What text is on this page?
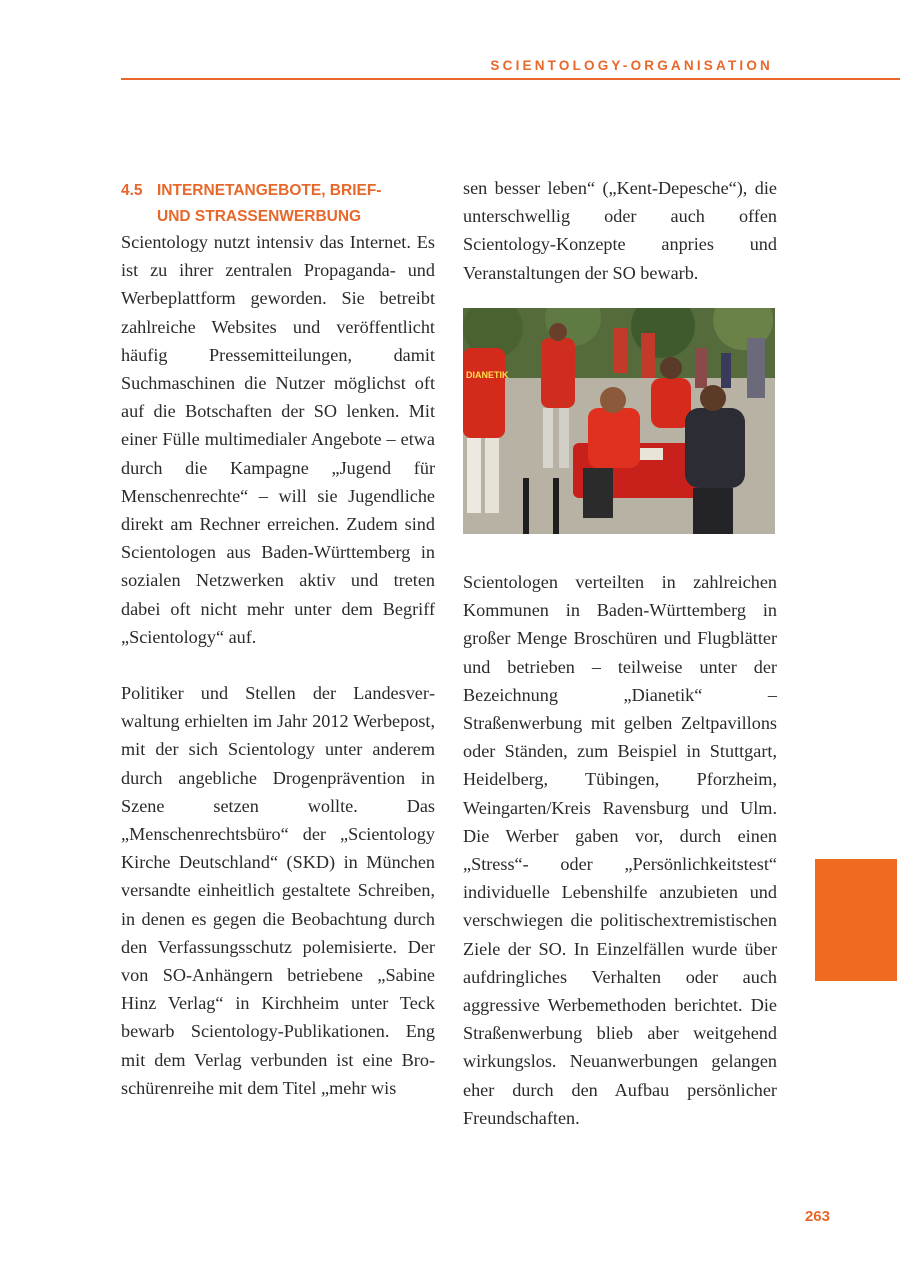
SCIENTOLOGY-ORGANISATION
4.5 INTERNETANGEBOTE, BRIEF-
UND STRASSENWERBUNG

Scientology nutzt intensiv das Internet. Es ist zu ihrer zentralen Propaganda- und Werbeplattform geworden. Sie betreibt zahlreiche Websites und veröffentlicht häufig Pressemitteilungen, damit Suchmaschinen die Nutzer möglichst oft auf die Botschaften der SO lenken. Mit einer Fülle multimedialer Angebote – etwa durch die Kampagne „Jugend für Menschenrechte“ – will sie Jugendliche direkt am Rechner erreichen. Zudem sind Scientologen aus Baden-Württemberg in sozialen Netzwerken aktiv und treten dabei oft nicht mehr unter dem Begriff „Scientology“ auf.

Politiker und Stellen der Landesverwaltung erhielten im Jahr 2012 Werbepost, mit der sich Scientology unter anderem durch angebliche Drogenprävention in Szene setzen wollte. Das „Menschenrechtsbüro“ der „Scientology Kirche Deutschland“ (SKD) in München versandte einheitlich gestaltete Schreiben, in denen es gegen die Beobachtung durch den Verfassungsschutz polemisierte. Der von SO-Anhängern betriebene „Sabine Hinz Verlag“ in Kirchheim unter Teck bewarb Scientology-Publikationen. Eng mit dem Verlag verbunden ist eine Broschürenreihe mit dem Titel „mehr wis

sen besser leben“ („Kent-Depesche“), die unterschwellig oder auch offen Scientology-Konzepte anpries und Veranstaltungen der SO bewarb.

DIANETIK

Scientologen verteilten in zahlreichen Kommunen in Baden-Württemberg in großer Menge Broschüren und Flugblätter und betrieben – teilweise unter der Bezeichnung „Dianetik“ – Straßenwerbung mit gelben Zeltpavillons oder Ständen, zum Beispiel in Stuttgart, Heidelberg, Tübingen, Pforzheim, Weingarten/Kreis Ravensburg und Ulm. Die Werber gaben vor, durch einen „Stress“- oder „Persönlichkeitstest“ individuelle Lebenshilfe anzubieten und verschwiegen die politischextremistischen Ziele der SO. In Einzelfällen wurde über aufdringliches Verhalten oder auch aggressive Werbemethoden berichtet. Die Straßenwerbung blieb aber weitgehend wirkungslos. Neuanwerbungen gelangen eher durch den Aufbau persönlicher Freundschaften.

263
